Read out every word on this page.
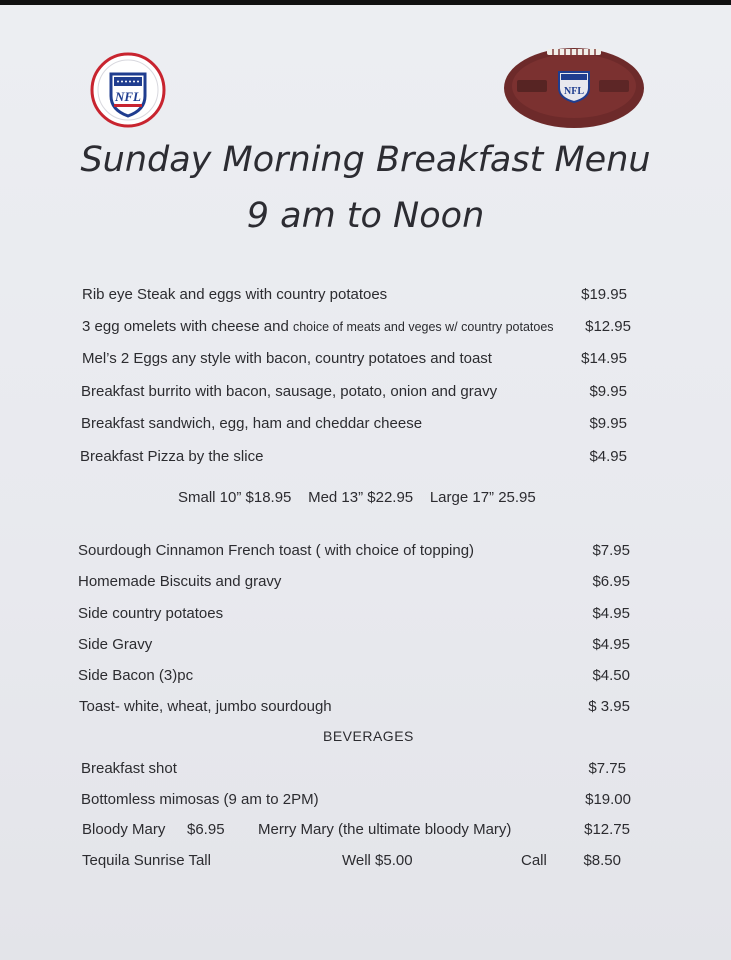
NFL	NFL
Sunday Morning Breakfast Menu
9 am to Noon
Rib eye Steak and eggs with country potatoes	$19.95
3 egg omelets with cheese and choice of meats and veges w/ country potatoes $12.95
Mel’s 2 Eggs any style with bacon, country potatoes and toast	$14.95
Breakfast burrito with bacon, sausage, potato, onion and gravy	$9.95
Breakfast sandwich, egg, ham and cheddar cheese	$9.95
Breakfast Pizza by the slice	$4.95
Small 10” $18.95    Med 13” $22.95    Large 17” 25.95
Sourdough Cinnamon French toast ( with choice of topping)	$7.95
Homemade Biscuits and gravy	$6.95
Side country potatoes	$4.95
Side Gravy	$4.95
Side Bacon (3)pc	$4.50
Toast- white, wheat, jumbo sourdough	$ 3.95
BEVERAGES
Breakfast shot	$7.75
Bottomless mimosas (9 am to 2PM)	$19.00
Bloody Mary $6.95 Merry Mary (the ultimate bloody Mary)	$12.75
Tequila Sunrise Tall	Well $5.00	Call $8.50
